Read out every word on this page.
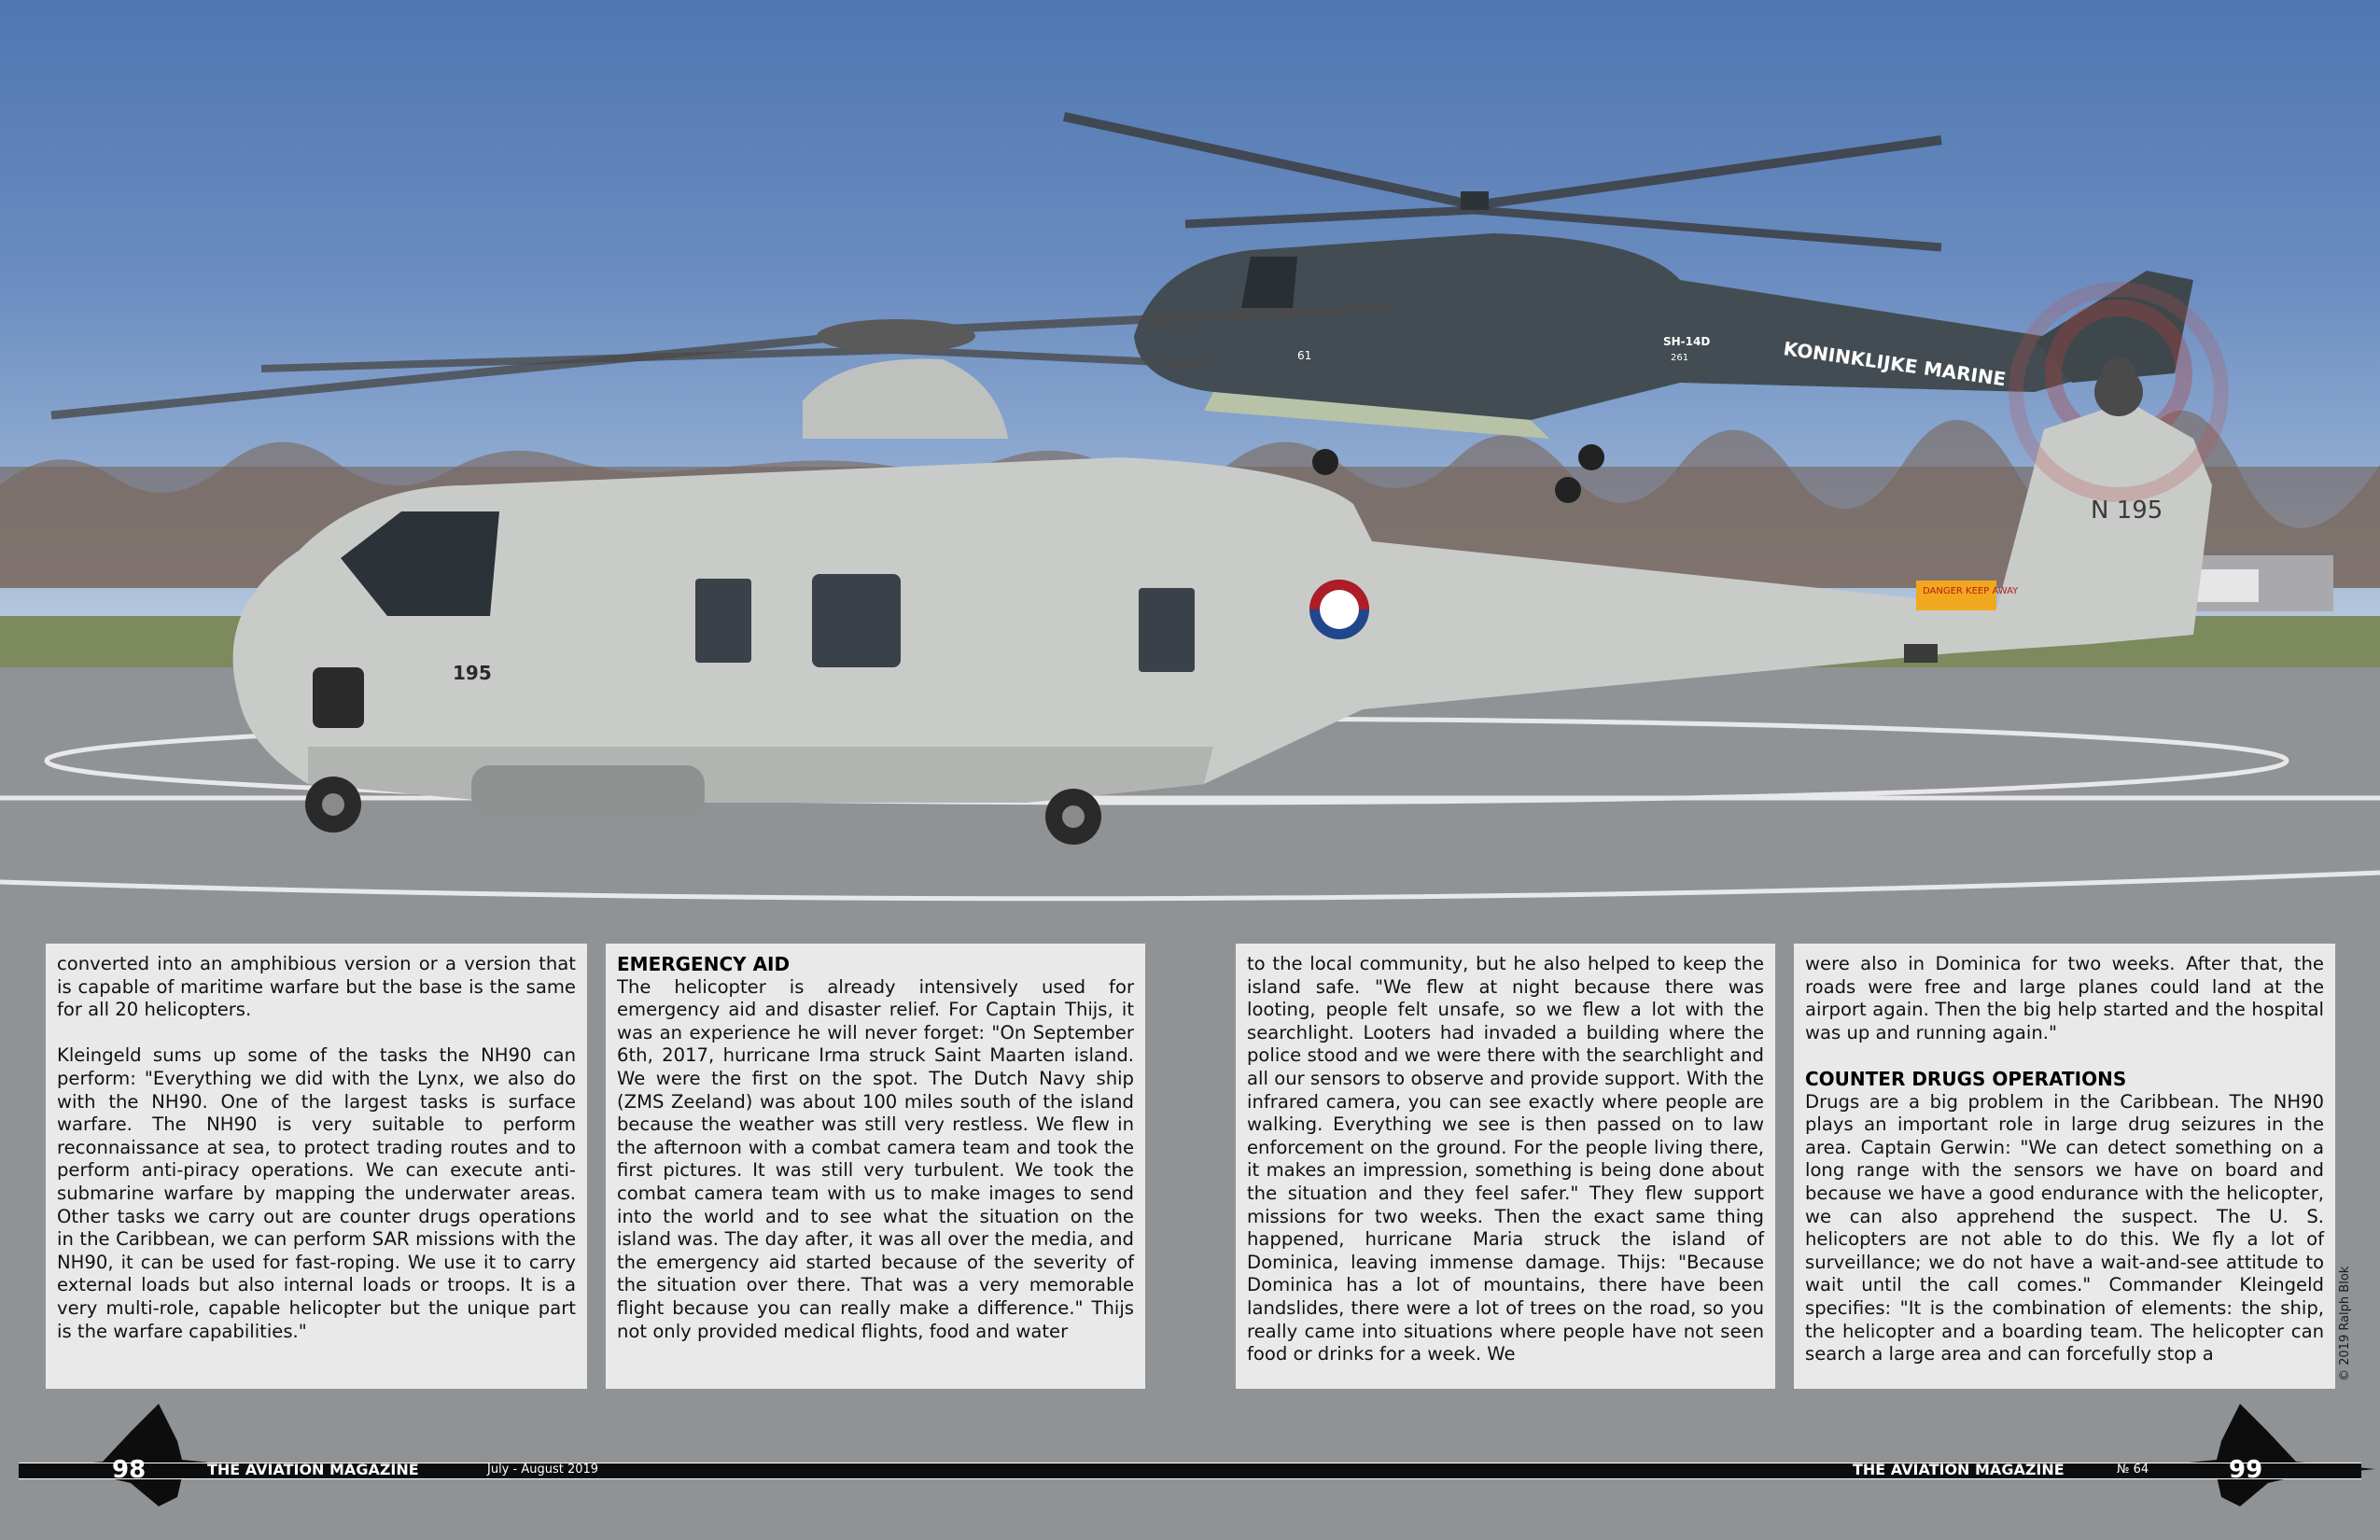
KONINKLIJKE MARINE
SH-14D
261
61
N 195
195
DANGER KEEP AWAY

converted into an amphibious version or a version that is capable of maritime warfare but the base is the same for all 20 helicopters.

Kleingeld sums up some of the tasks the NH90 can perform: "Everything we did with the Lynx, we also do with the NH90. One of the largest tasks is surface warfare. The NH90 is very suitable to perform reconnaissance at sea, to protect trading routes and to perform anti-piracy operations. We can execute anti-submarine warfare by mapping the underwater areas. Other tasks we carry out are counter drugs operations in the Caribbean, we can perform SAR missions with the NH90, it can be used for fast-roping. We use it to carry external loads but also internal loads or troops. It is a very multi-role, capable helicopter but the unique part is the warfare capabilities."

EMERGENCY AID

The helicopter is already intensively used for emergency aid and disaster relief. For Captain Thijs, it was an experience he will never forget: "On September 6th, 2017, hurricane Irma struck Saint Maarten island. We were the first on the spot. The Dutch Navy ship (ZMS Zeeland) was about 100 miles south of the island because the weather was still very restless. We flew in the afternoon with a combat camera team and took the first pictures. It was still very turbulent. We took the combat camera team with us to make images to send into the world and to see what the situation on the island was. The day after, it was all over the media, and the emergency aid started because of the severity of the situation over there. That was a very memorable flight because you can really make a difference." Thijs not only provided medical flights, food and water

to the local community, but he also helped to keep the island safe. "We flew at night because there was looting, people felt unsafe, so we flew a lot with the searchlight. Looters had invaded a building where the police stood and we were there with the searchlight and all our sensors to observe and provide support. With the infrared camera, you can see exactly where people are walking. Everything we see is then passed on to law enforcement on the ground. For the people living there, it makes an impression, something is being done about the situation and they feel safer." They flew support missions for two weeks. Then the exact same thing happened, hurricane Maria struck the island of Dominica, leaving immense damage. Thijs: "Because Dominica has a lot of mountains, there have been landslides, there were a lot of trees on the road, so you really came into situations where people have not seen food or drinks for a week. We

were also in Dominica for two weeks. After that, the roads were free and large planes could land at the airport again. Then the big help started and the hospital was up and running again."

COUNTER DRUGS OPERATIONS

Drugs are a big problem in the Caribbean. The NH90 plays an important role in large drug seizures in the area. Captain Gerwin: "We can detect something on a long range with the sensors we have on board and because we have a good endurance with the helicopter, we can also apprehend the suspect. The U. S. helicopters are not able to do this. We fly a lot of surveillance; we do not have a wait-and-see attitude to wait until the call comes." Commander Kleingeld specifies: "It is the combination of elements: the ship, the helicopter and a boarding team. The helicopter can search a large area and can forcefully stop a	© 2019 Ralph Blok
98	THE AVIATION MAGAZINE	July - August 2019	THE AVIATION MAGAZINE	№ 64	99
